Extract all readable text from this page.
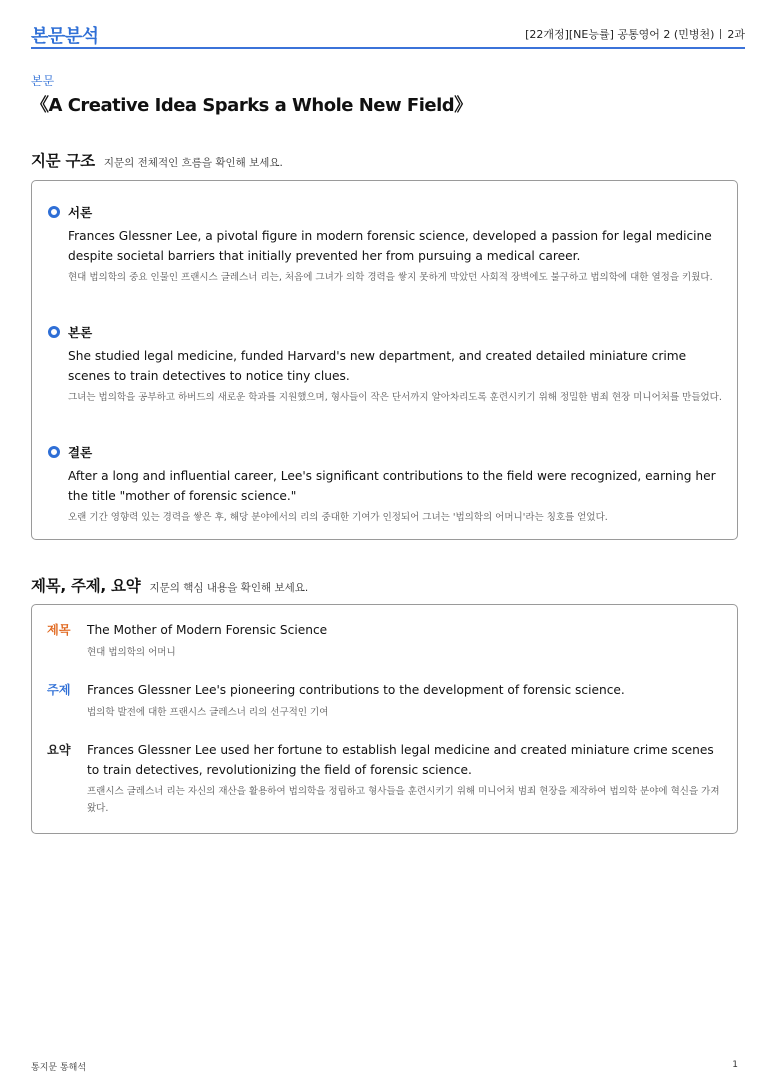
본문분석	[22개정][NE능률] 공통영어 2 (민병천) 2과
본문
《A Creative Idea Sparks a Whole New Field》
지문 구조 지문의 전체적인 흐름을 확인해 보세요.
서론
Frances Glessner Lee, a pivotal figure in modern forensic science, developed a passion for legal medicine despite societal barriers that initially prevented her from pursuing a medical career.
현대 법의학의 중요 인물인 프랜시스 글레스너 리는, 처음에 그녀가 의학 경력을 쌓지 못하게 막았던 사회적 장벽에도 불구하고 법의학에 대한 열정을 키웠다.
본론
She studied legal medicine, funded Harvard's new department, and created detailed miniature crime scenes to train detectives to notice tiny clues.
그녀는 법의학을 공부하고 하버드의 새로운 학과를 지원했으며, 형사들이 작은 단서까지 알아차리도록 훈련시키기 위해 정밀한 범죄 현장 미니어처를 만들었다.
결론
After a long and influential career, Lee's significant contributions to the field were recognized, earning her the title "mother of forensic science."
오랜 기간 영향력 있는 경력을 쌓은 후, 해당 분야에서의 리의 중대한 기여가 인정되어 그녀는 '법의학의 어머니'라는 칭호를 얻었다.
제목, 주제, 요약 지문의 핵심 내용을 확인해 보세요.
제목 The Mother of Modern Forensic Science
현대 법의학의 어머니
주제 Frances Glessner Lee's pioneering contributions to the development of forensic science.
법의학 발전에 대한 프랜시스 글레스너 리의 선구적인 기여
요약 Frances Glessner Lee used her fortune to establish legal medicine and created miniature crime scenes to train detectives, revolutionizing the field of forensic science.
프랜시스 글레스너 리는 자신의 재산을 활용하여 법의학을 정립하고 형사들을 훈련시키기 위해 미니어처 범죄 현장을 제작하여 법의학 분야에 혁신을 가져왔다.
통지문 통해석	1
